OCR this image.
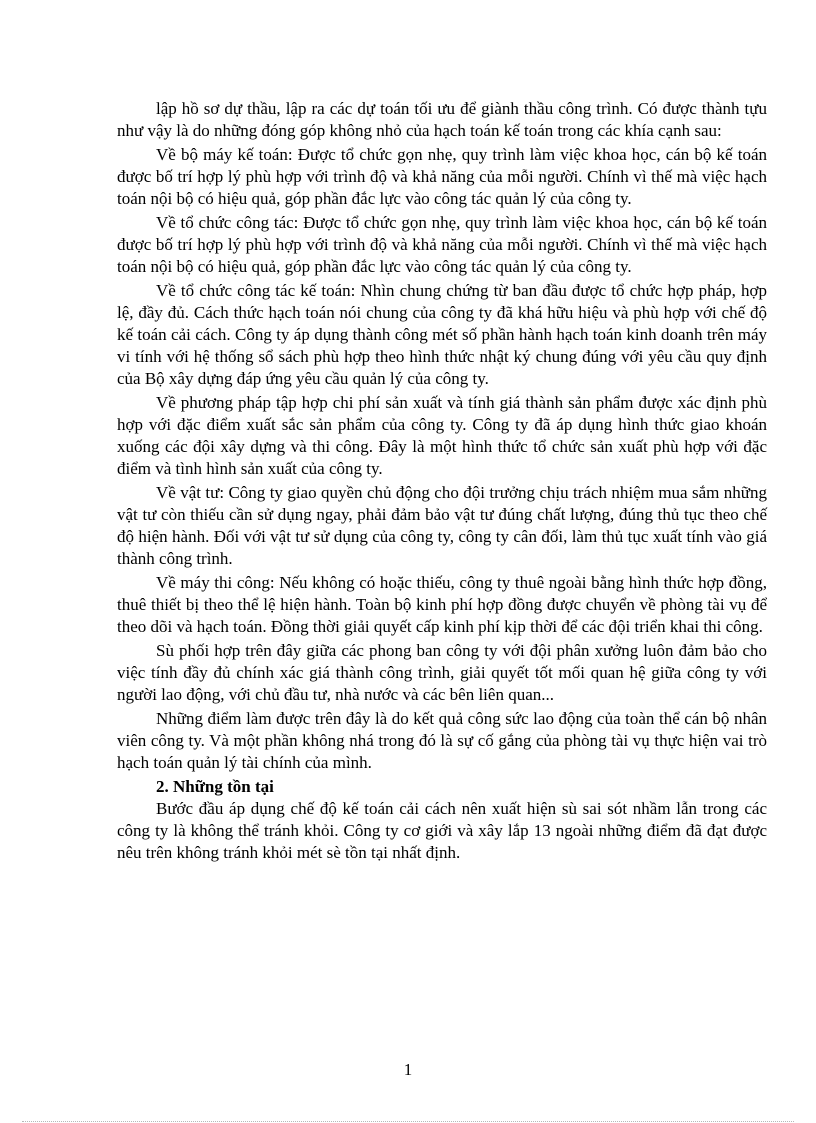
lập hồ sơ dự thầu, lập ra các dự toán tối ưu để giành thầu công trình. Có được thành tựu như vậy là do những đóng góp không nhỏ của hạch toán kế toán trong các khía cạnh sau:

Về bộ máy kế toán: Được tổ chức gọn nhẹ, quy trình làm việc khoa học, cán bộ kế toán được bố trí hợp lý phù hợp với trình độ và khả năng của mỗi người. Chính vì thế mà việc hạch toán nội bộ có hiệu quả, góp phần đắc lực vào công tác quản lý của công ty.

Về tổ chức công tác: Được tổ chức gọn nhẹ, quy trình làm việc khoa học, cán bộ kế toán được bố trí hợp lý phù hợp với trình độ và khả năng của mỗi người. Chính vì thế mà việc hạch toán nội bộ có hiệu quả, góp phần đắc lực vào công tác quản lý của công ty.

Về tổ chức công tác kế toán: Nhìn chung chứng từ ban đầu được tổ chức hợp pháp, hợp lệ, đầy đủ. Cách thức hạch toán nói chung của công ty đã khá hữu hiệu và phù hợp với chế độ kế toán cải cách. Công ty áp dụng thành công mét số phần hành hạch toán kinh doanh trên máy vi tính với hệ thống sổ sách phù hợp theo hình thức nhật ký chung đúng với yêu cầu quy định của Bộ xây dựng đáp ứng yêu cầu quản lý của công ty.

Về phương pháp tập hợp chi phí sản xuất và tính giá thành sản phẩm được xác định phù hợp với đặc điểm xuất sắc sản phẩm của công ty. Công ty đã áp dụng hình thức giao khoán xuống các đội xây dựng và thi công. Đây là một hình thức tổ chức sản xuất phù hợp với đặc điểm và tình hình sản xuất của công ty.

Về vật tư: Công ty giao quyền chủ động cho đội trưởng chịu trách nhiệm mua sắm những vật tư còn thiếu cần sử dụng ngay, phải đảm bảo vật tư đúng chất lượng, đúng thủ tục theo chế độ hiện hành. Đối với vật tư sử dụng của công ty, công ty cân đối, làm thủ tục xuất tính vào giá thành công trình.

Về máy thi công: Nếu không có hoặc thiếu, công ty thuê ngoài bằng hình thức hợp đồng, thuê thiết bị theo thể lệ hiện hành. Toàn bộ kinh phí hợp đồng được chuyển về phòng tài vụ để theo dõi và hạch toán. Đồng thời giải quyết cấp kinh phí kịp thời để các đội triển khai thi công.

Sù phối hợp trên đây giữa các phong ban công ty với đội phân xưởng luôn đảm bảo cho việc tính đầy đủ chính xác giá thành công trình, giải quyết tốt mối quan hệ giữa công ty với người lao động, với chủ đầu tư, nhà nước và các bên liên quan...

Những điểm làm được trên đây là do kết quả công sức lao động của toàn thể cán bộ nhân viên công ty. Và một phần không nhá trong đó là sự cố gắng của phòng tài vụ thực hiện vai trò hạch toán quản lý tài chính của mình.

2. Những tồn tại

Bước đầu áp dụng chế độ kế toán cải cách nên xuất hiện sù sai sót nhầm lẫn trong các công ty là không thể tránh khỏi. Công ty cơ giới và xây lắp 13 ngoài những điểm đã đạt được nêu trên không tránh khỏi mét sè tồn tại nhất định.

1
